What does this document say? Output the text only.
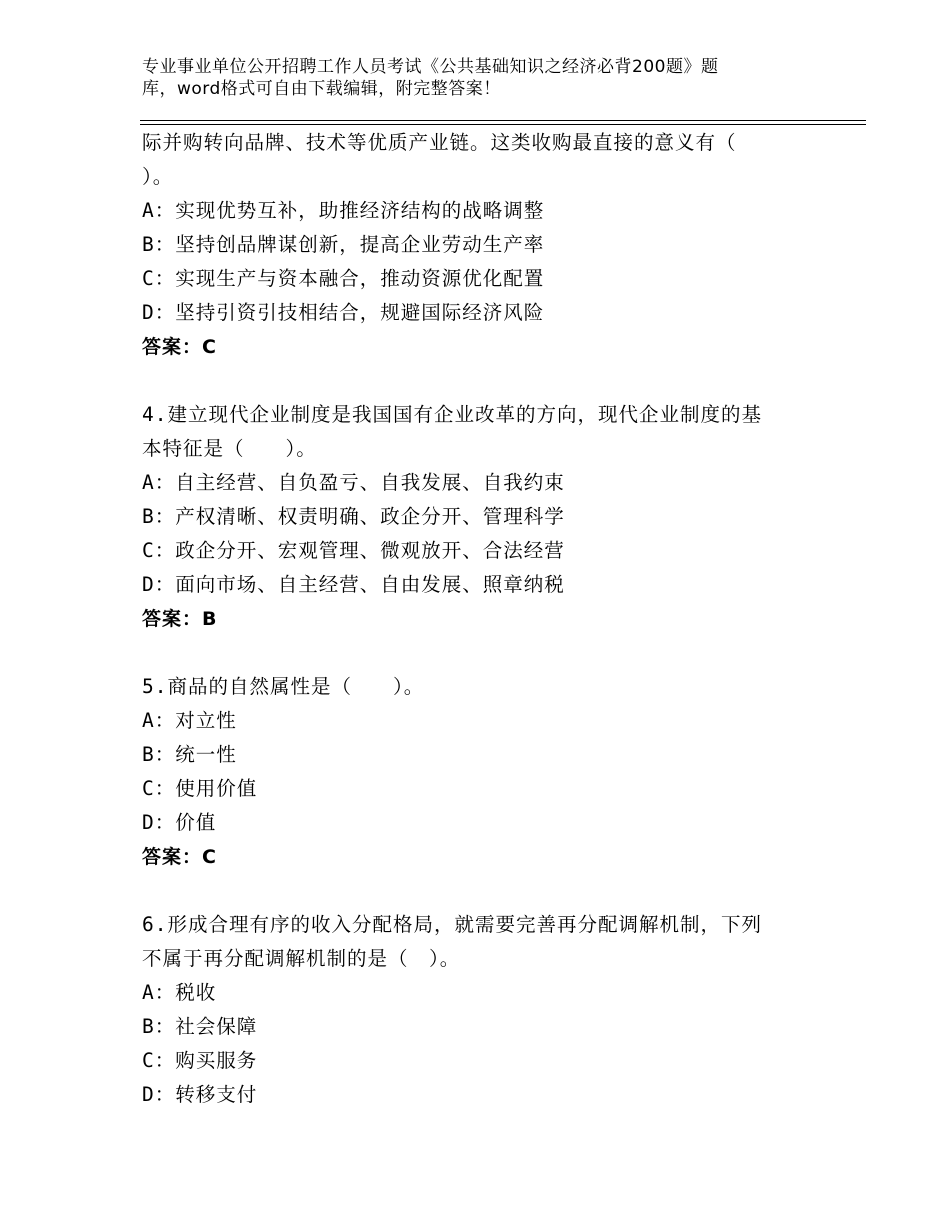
专业事业单位公开招聘工作人员考试《公共基础知识之经济必背200题》题
库，word格式可自由下载编辑，附完整答案！

际并购转向品牌、技术等优质产业链。这类收购最直接的意义有（

）。

A：实现优势互补，助推经济结构的战略调整

B：坚持创品牌谋创新，提高企业劳动生产率

C：实现生产与资本融合，推动资源优化配置

D：坚持引资引技相结合，规避国际经济风险

答案：C

4.建立现代企业制度是我国国有企业改革的方向，现代企业制度的基

本特征是（　　）。

A：自主经营、自负盈亏、自我发展、自我约束

B：产权清晰、权责明确、政企分开、管理科学

C：政企分开、宏观管理、微观放开、合法经营

D：面向市场、自主经营、自由发展、照章纳税

答案：B

5.商品的自然属性是（　　）。

A：对立性

B：统一性

C：使用价值

D：价值

答案：C

6.形成合理有序的收入分配格局，就需要完善再分配调解机制，下列

不属于再分配调解机制的是（　）。

A：税收

B：社会保障

C：购买服务

D：转移支付
